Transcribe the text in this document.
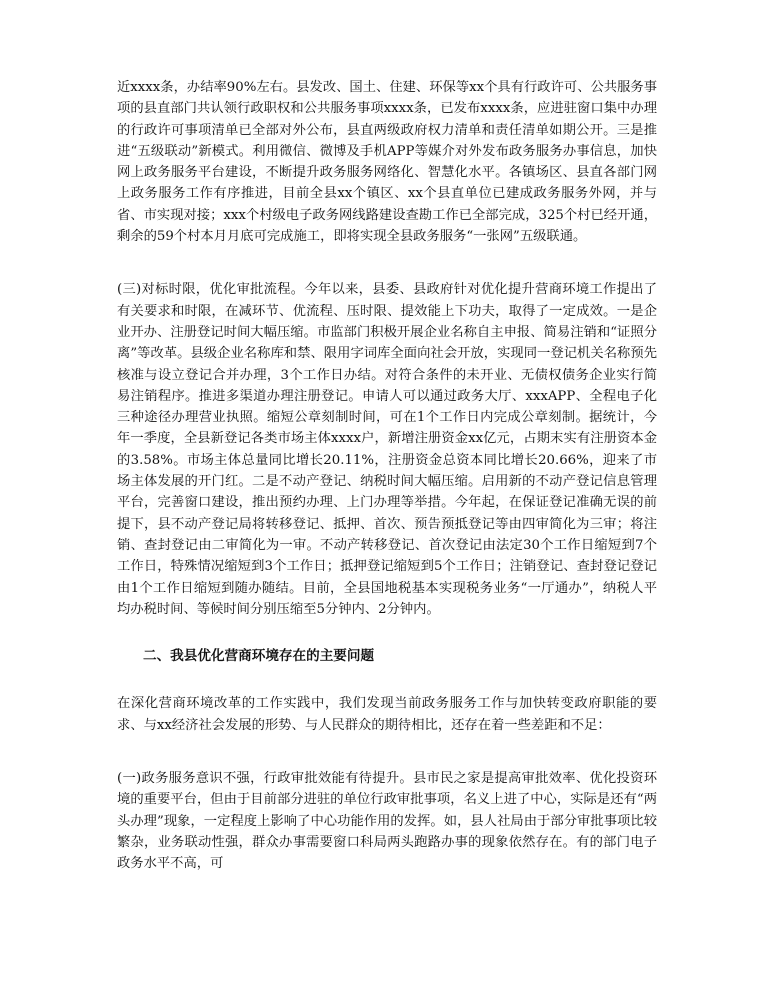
近xxxx条，办结率90%左右。县发改、国土、住建、环保等xx个具有行政许可、公共服务事项的县直部门共认领行政职权和公共服务事项xxxx条，已发布xxxx条，应进驻窗口集中办理的行政许可事项清单已全部对外公布，县直两级政府权力清单和责任清单如期公开。三是推进“五级联动”新模式。利用微信、微博及手机APP等媒介对外发布政务服务办事信息，加快网上政务服务平台建设，不断提升政务服务网络化、智慧化水平。各镇场区、县直各部门网上政务服务工作有序推进，目前全县xx个镇区、xx个县直单位已建成政务服务外网，并与省、市实现对接；xxx个村级电子政务网线路建设查勘工作已全部完成，325个村已经开通，剩余的59个村本月月底可完成施工，即将实现全县政务服务“一张网”五级联通。

(三)对标时限，优化审批流程。今年以来，县委、县政府针对优化提升营商环境工作提出了有关要求和时限，在减环节、优流程、压时限、提效能上下功夫，取得了一定成效。一是企业开办、注册登记时间大幅压缩。市监部门积极开展企业名称自主申报、简易注销和“证照分离”等改革。县级企业名称库和禁、限用字词库全面向社会开放，实现同一登记机关名称预先核准与设立登记合并办理，3个工作日办结。对符合条件的未开业、无债权债务企业实行简易注销程序。推进多渠道办理注册登记。申请人可以通过政务大厅、xxxAPP、全程电子化三种途径办理营业执照。缩短公章刻制时间，可在1个工作日内完成公章刻制。据统计，今年一季度，全县新登记各类市场主体xxxx户，新增注册资金xx亿元，占期末实有注册资本金的3.58%。市场主体总量同比增长20.11%，注册资金总资本同比增长20.66%，迎来了市场主体发展的开门红。二是不动产登记、纳税时间大幅压缩。启用新的不动产登记信息管理平台，完善窗口建设，推出预约办理、上门办理等举措。今年起，在保证登记准确无误的前提下，县不动产登记局将转移登记、抵押、首次、预告预抵登记等由四审简化为三审；将注销、查封登记由二审简化为一审。不动产转移登记、首次登记由法定30个工作日缩短到7个工作日，特殊情况缩短到3个工作日；抵押登记缩短到5个工作日；注销登记、查封登记登记由1个工作日缩短到随办随结。目前，全县国地税基本实现税务业务“一厅通办”，纳税人平均办税时间、等候时间分别压缩至5分钟内、2分钟内。

二、我县优化营商环境存在的主要问题

在深化营商环境改革的工作实践中，我们发现当前政务服务工作与加快转变政府职能的要求、与xx经济社会发展的形势、与人民群众的期待相比，还存在着一些差距和不足：

(一)政务服务意识不强，行政审批效能有待提升。县市民之家是提高审批效率、优化投资环境的重要平台，但由于目前部分进驻的单位行政审批事项，名义上进了中心，实际是还有“两头办理”现象，一定程度上影响了中心功能作用的发挥。如，县人社局由于部分审批事项比较繁杂，业务联动性强，群众办事需要窗口科局两头跑路办事的现象依然存在。有的部门电子政务水平不高，可
